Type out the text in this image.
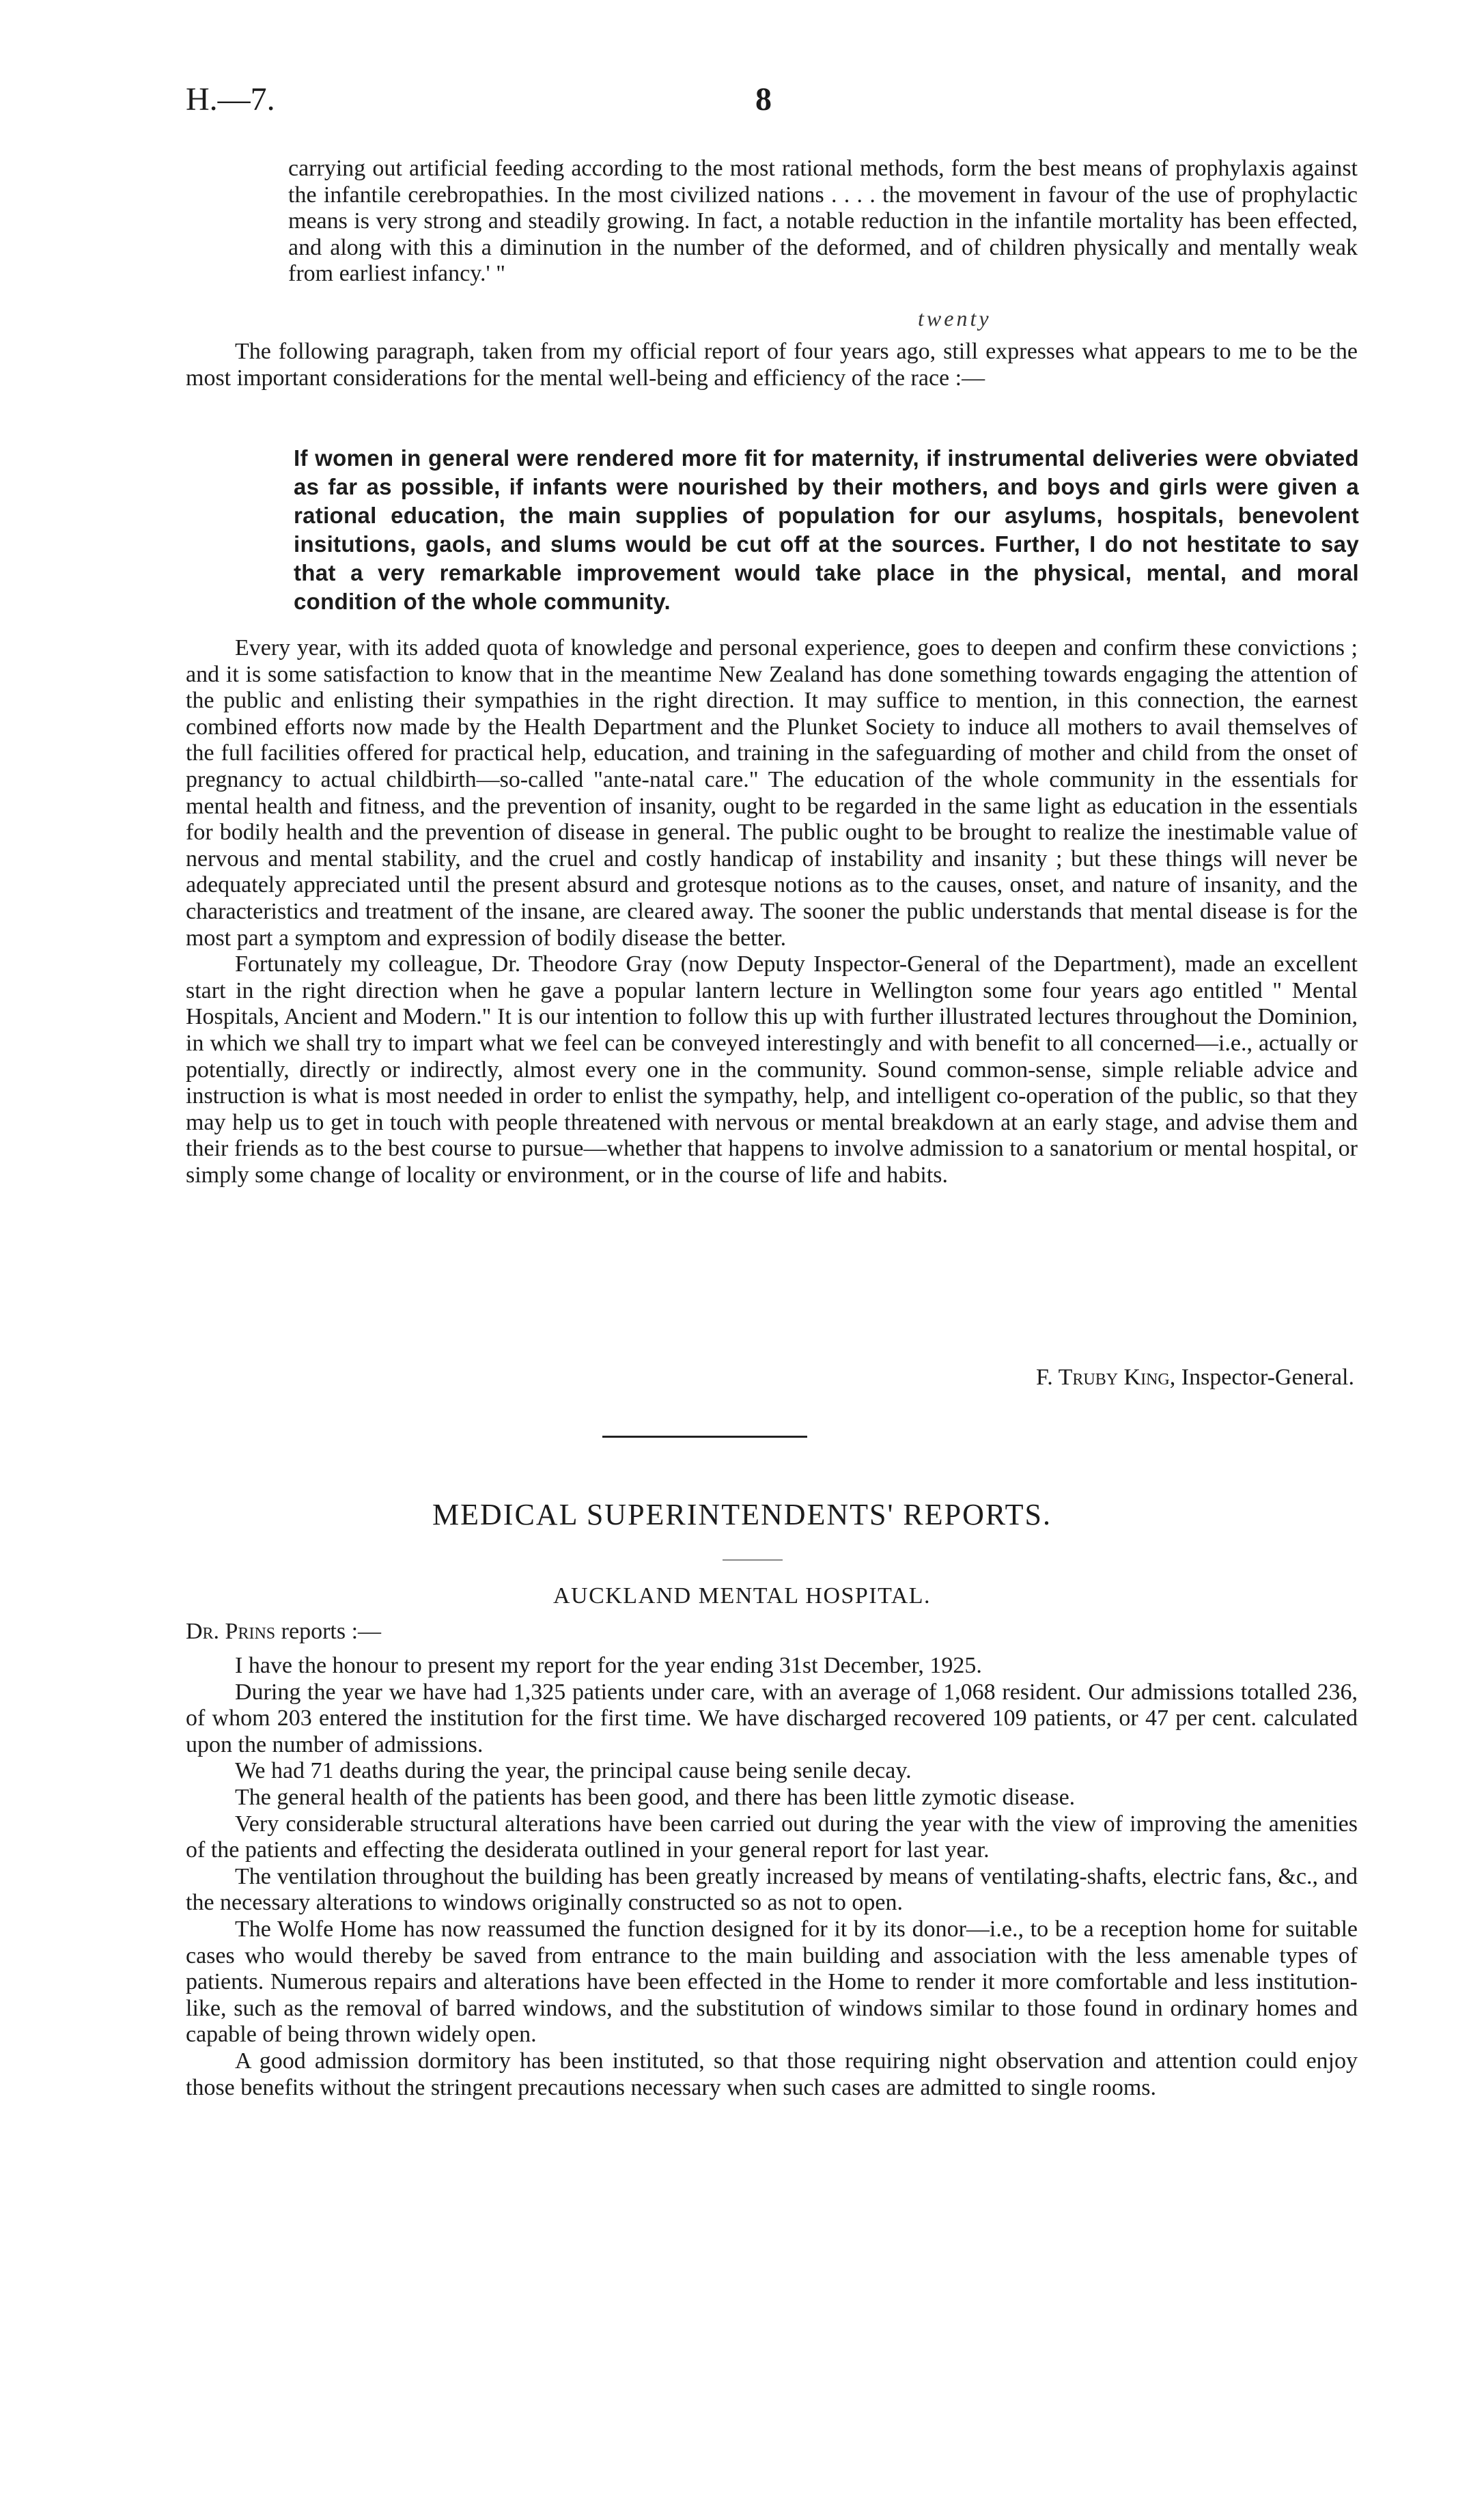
H.—7.	8

carrying out artificial feeding according to the most rational methods, form the best means of prophylaxis against the infantile cerebropathies. In the most civilized nations . . . . the movement in favour of the use of prophylactic means is very strong and steadily growing. In fact, a notable reduction in the infantile mortality has been effected, and along with this a diminution in the number of the deformed, and of children physically and mentally weak from earliest infancy.' "

twenty

The following paragraph, taken from my official report of four years ago, still expresses what appears to me to be the most important considerations for the mental well-being and efficiency of the race :—

If women in general were rendered more fit for maternity, if instrumental deliveries were obviated as far as possible, if infants were nourished by their mothers, and boys and girls were given a rational education, the main supplies of population for our asylums, hospitals, benevolent insitutions, gaols, and slums would be cut off at the sources. Further, I do not hestitate to say that a very remarkable improvement would take place in the physical, mental, and moral condition of the whole community.

Every year, with its added quota of knowledge and personal experience, goes to deepen and confirm these convictions ; and it is some satisfaction to know that in the meantime New Zealand has done something towards engaging the attention of the public and enlisting their sympathies in the right direction. It may suffice to mention, in this connection, the earnest combined efforts now made by the Health Department and the Plunket Society to induce all mothers to avail themselves of the full facilities offered for practical help, education, and training in the safeguarding of mother and child from the onset of pregnancy to actual childbirth—so-called "ante-natal care." The education of the whole community in the essentials for mental health and fitness, and the prevention of insanity, ought to be regarded in the same light as education in the essentials for bodily health and the prevention of disease in general. The public ought to be brought to realize the inestimable value of nervous and mental stability, and the cruel and costly handicap of instability and insanity ; but these things will never be adequately appreciated until the present absurd and grotesque notions as to the causes, onset, and nature of insanity, and the characteristics and treatment of the insane, are cleared away. The sooner the public understands that mental disease is for the most part a symptom and expression of bodily disease the better.

Fortunately my colleague, Dr. Theodore Gray (now Deputy Inspector-General of the Department), made an excellent start in the right direction when he gave a popular lantern lecture in Wellington some four years ago entitled " Mental Hospitals, Ancient and Modern." It is our intention to follow this up with further illustrated lectures throughout the Dominion, in which we shall try to impart what we feel can be conveyed interestingly and with benefit to all concerned—i.e., actually or potentially, directly or indirectly, almost every one in the community. Sound common-sense, simple reliable advice and instruction is what is most needed in order to enlist the sympathy, help, and intelligent co-operation of the public, so that they may help us to get in touch with people threatened with nervous or mental breakdown at an early stage, and advise them and their friends as to the best course to pursue—whether that happens to involve admission to a sanatorium or mental hospital, or simply some change of locality or environment, or in the course of life and habits.

F. Truby King, Inspector-General.
MEDICAL SUPERINTENDENTS' REPORTS.
AUCKLAND MENTAL HOSPITAL.
Dr. Prins reports :—

I have the honour to present my report for the year ending 31st December, 1925.

During the year we have had 1,325 patients under care, with an average of 1,068 resident. Our admissions totalled 236, of whom 203 entered the institution for the first time. We have discharged recovered 109 patients, or 47 per cent. calculated upon the number of admissions.

We had 71 deaths during the year, the principal cause being senile decay.

The general health of the patients has been good, and there has been little zymotic disease.

Very considerable structural alterations have been carried out during the year with the view of improving the amenities of the patients and effecting the desiderata outlined in your general report for last year.

The ventilation throughout the building has been greatly increased by means of ventilating-shafts, electric fans, &c., and the necessary alterations to windows originally constructed so as not to open.

The Wolfe Home has now reassumed the function designed for it by its donor—i.e., to be a reception home for suitable cases who would thereby be saved from entrance to the main building and association with the less amenable types of patients. Numerous repairs and alterations have been effected in the Home to render it more comfortable and less institution-like, such as the removal of barred windows, and the substitution of windows similar to those found in ordinary homes and capable of being thrown widely open.

A good admission dormitory has been instituted, so that those requiring night observation and attention could enjoy those benefits without the stringent precautions necessary when such cases are admitted to single rooms.
